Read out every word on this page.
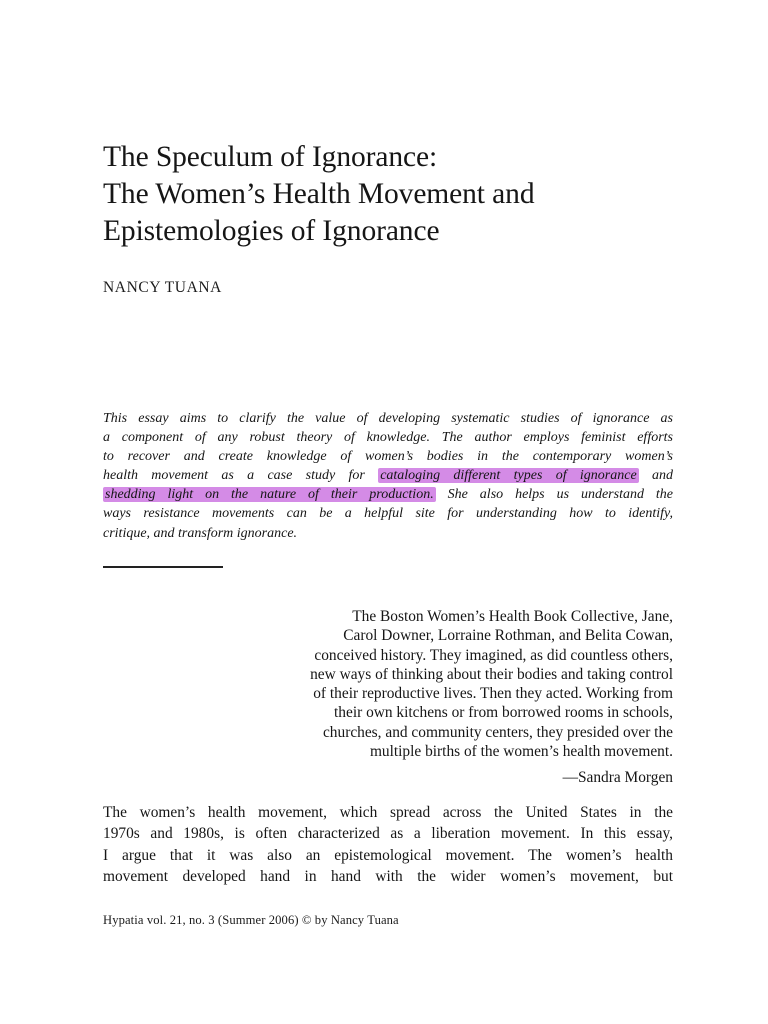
The Speculum of Ignorance:
The Women’s Health Movement and
Epistemologies of Ignorance
NANCY TUANA

This essay aims to clarify the value of developing systematic studies of ignorance as
a component of any robust theory of knowledge. The author employs feminist efforts
to recover and create knowledge of women’s bodies in the contemporary women’s
health movement as a case study for cataloging different types of ignorance and
shedding light on the nature of their production. She also helps us understand the
ways resistance movements can be a helpful site for understanding how to identify,
critique, and transform ignorance.

The Boston Women’s Health Book Collective, Jane,
Carol Downer, Lorraine Rothman, and Belita Cowan,
conceived history. They imagined, as did countless others,
new ways of thinking about their bodies and taking control
of their reproductive lives. Then they acted. Working from
their own kitchens or from borrowed rooms in schools,
churches, and community centers, they presided over the
multiple births of the women’s health movement.

—Sandra Morgen

The women’s health movement, which spread across the United States in the
1970s and 1980s, is often characterized as a liberation movement. In this essay,
I argue that it was also an epistemological movement. The women’s health
movement developed hand in hand with the wider women’s movement, but

Hypatia vol. 21, no. 3 (Summer 2006) © by Nancy Tuana
